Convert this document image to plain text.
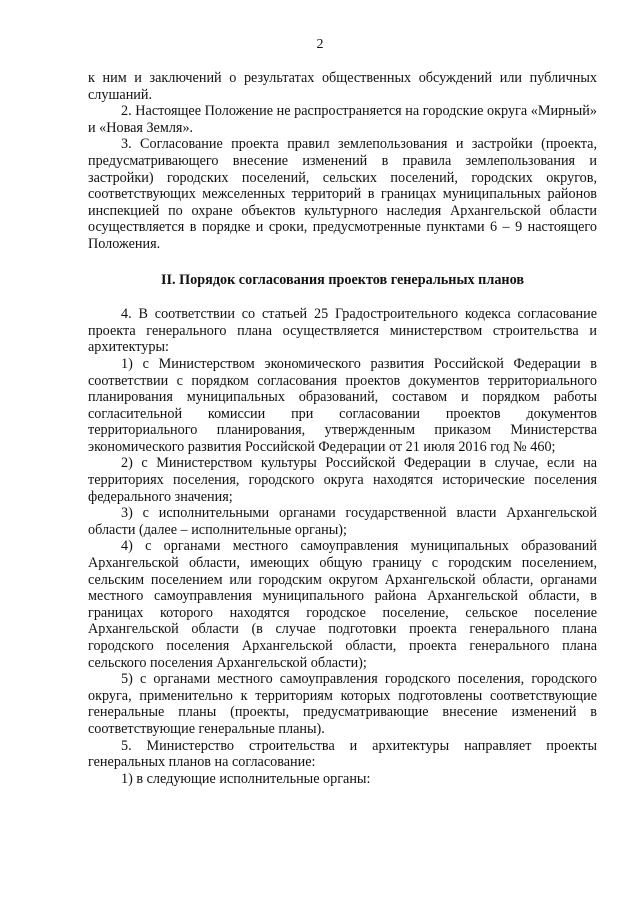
2

к ним и заключений о результатах общественных обсуждений или публичных слушаний.

2. Настоящее Положение не распространяется на городские округа «Мирный» и «Новая Земля».

3. Согласование проекта правил землепользования и застройки (проекта, предусматривающего внесение изменений в правила землепользования и застройки) городских поселений, сельских поселений, городских округов, соответствующих межселенных территорий в границах муниципальных районов инспекцией по охране объектов культурного наследия Архангельской области осуществляется в порядке и сроки, предусмотренные пунктами 6 – 9 настоящего Положения.

II. Порядок согласования проектов генеральных планов

4. В соответствии со статьей 25 Градостроительного кодекса согласование проекта генерального плана осуществляется министерством строительства и архитектуры:

1) с Министерством экономического развития Российской Федерации в соответствии с порядком согласования проектов документов территориального планирования муниципальных образований, составом и порядком работы согласительной комиссии при согласовании проектов документов территориального планирования, утвержденным приказом Министерства экономического развития Российской Федерации от 21 июля 2016 год № 460;

2) с Министерством культуры Российской Федерации в случае, если на территориях поселения, городского округа находятся исторические поселения федерального значения;

3) с исполнительными органами государственной власти Архангельской области (далее – исполнительные органы);

4) с органами местного самоуправления муниципальных образований Архангельской области, имеющих общую границу с городским поселением, сельским поселением или городским округом Архангельской области, органами местного самоуправления муниципального района Архангельской области, в границах которого находятся городское поселение, сельское поселение Архангельской области (в случае подготовки проекта генерального плана городского поселения Архангельской области, проекта генерального плана сельского поселения Архангельской области);

5) с органами местного самоуправления городского поселения, городского округа, применительно к территориям которых подготовлены соответствующие генеральные планы (проекты, предусматривающие внесение изменений в соответствующие генеральные планы).

5. Министерство строительства и архитектуры направляет проекты генеральных планов на согласование:

1) в следующие исполнительные органы:
